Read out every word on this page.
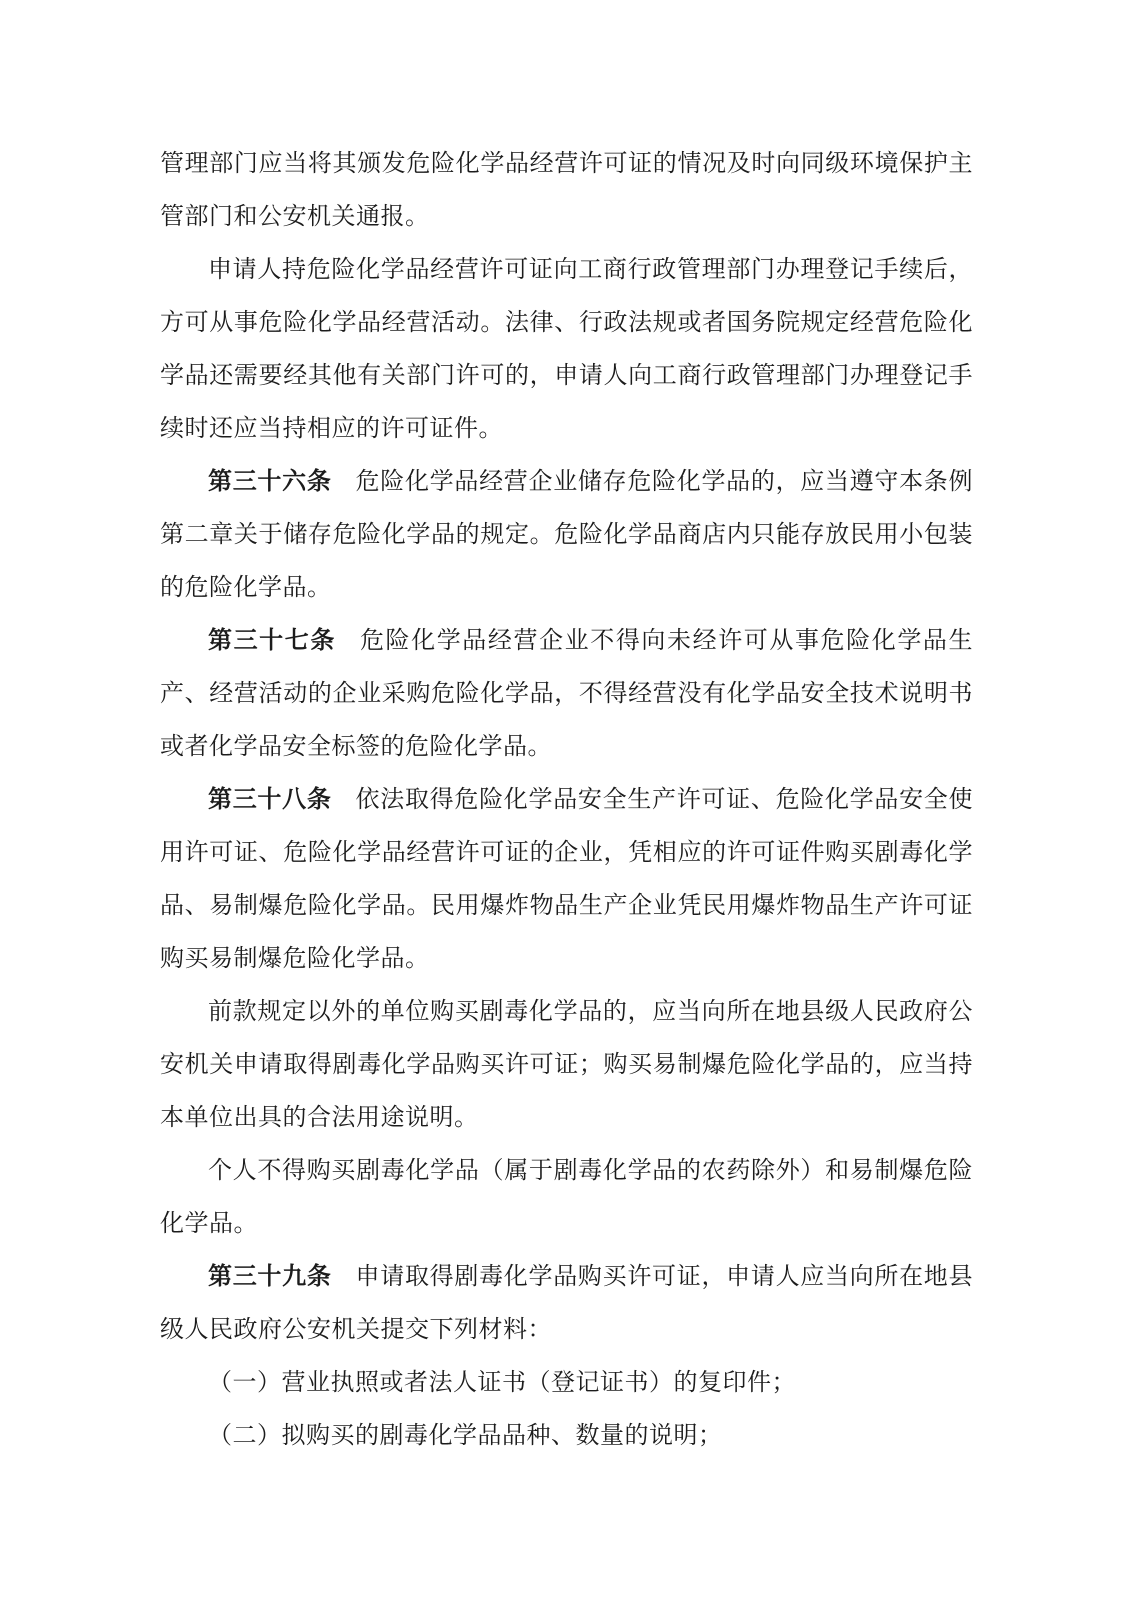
管理部门应当将其颁发危险化学品经营许可证的情况及时向同级环境保护主管部门和公安机关通报。

申请人持危险化学品经营许可证向工商行政管理部门办理登记手续后，方可从事危险化学品经营活动。法律、行政法规或者国务院规定经营危险化学品还需要经其他有关部门许可的，申请人向工商行政管理部门办理登记手续时还应当持相应的许可证件。

第三十六条 危险化学品经营企业储存危险化学品的，应当遵守本条例第二章关于储存危险化学品的规定。危险化学品商店内只能存放民用小包装的危险化学品。

第三十七条 危险化学品经营企业不得向未经许可从事危险化学品生产、经营活动的企业采购危险化学品，不得经营没有化学品安全技术说明书或者化学品安全标签的危险化学品。

第三十八条 依法取得危险化学品安全生产许可证、危险化学品安全使用许可证、危险化学品经营许可证的企业，凭相应的许可证件购买剧毒化学品、易制爆危险化学品。民用爆炸物品生产企业凭民用爆炸物品生产许可证购买易制爆危险化学品。

前款规定以外的单位购买剧毒化学品的，应当向所在地县级人民政府公安机关申请取得剧毒化学品购买许可证；购买易制爆危险化学品的，应当持本单位出具的合法用途说明。

个人不得购买剧毒化学品（属于剧毒化学品的农药除外）和易制爆危险化学品。

第三十九条 申请取得剧毒化学品购买许可证，申请人应当向所在地县级人民政府公安机关提交下列材料：

（一）营业执照或者法人证书（登记证书）的复印件；

（二）拟购买的剧毒化学品品种、数量的说明；
